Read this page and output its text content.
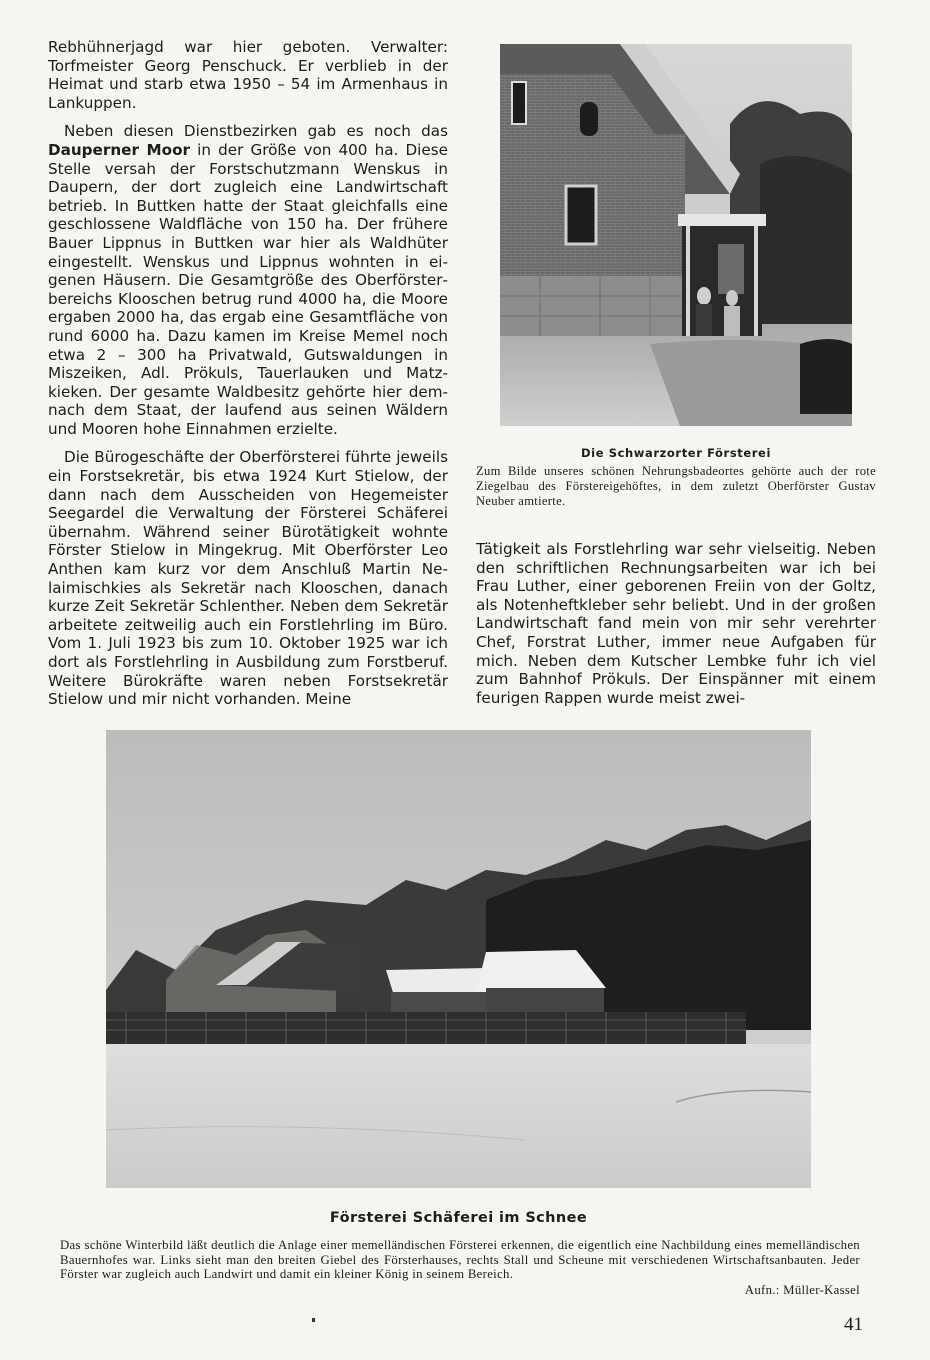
Rebhühnerjagd war hier geboten. Verwalter: Torfmeister Georg Penschuck. Er verblieb in der Heimat und starb etwa 1950 – 54 im Armenhaus in Lankuppen.

Neben diesen Dienstbezirken gab es noch das Dauperner Moor in der Größe von 400 ha. Diese Stelle versah der Forstschutzmann Wenskus in Daupern, der dort zugleich eine Landwirtschaft betrieb. In Buttken hatte der Staat gleichfalls eine geschlossene Waldfläche von 150 ha. Der frühere Bauer Lippnus in Buttken war hier als Waldhüter eingestellt. Wenskus und Lippnus wohnten in eigenen Häusern. Die Gesamtgröße des Oberförsterbereichs Klooschen betrug rund 4000 ha, die Moore ergaben 2000 ha, das ergab eine Gesamtfläche von rund 6000 ha. Dazu kamen im Kreise Memel noch etwa 2 – 300 ha Privatwald, Gutswaldungen in Miszeiken, Adl. Prökuls, Tauerlauken und Matzkieken. Der gesamte Waldbesitz gehörte hier demnach dem Staat, der laufend aus seinen Wäldern und Mooren hohe Einnahmen erzielte.

Die Bürogeschäfte der Oberförsterei führte jeweils ein Forstsekretär, bis etwa 1924 Kurt Stielow, der dann nach dem Ausscheiden von Hegemeister Seegardel die Verwaltung der Försterei Schäferei übernahm. Während seiner Bürotätigkeit wohnte Förster Stielow in Mingekrug. Mit Oberförster Leo Anthen kam kurz vor dem Anschluß Martin Nelaimischkies als Sekretär nach Klooschen, danach kurze Zeit Sekretär Schlenther. Neben dem Sekretär arbeitete zeitweilig auch ein Forstlehrling im Büro. Vom 1. Juli 1923 bis zum 10. Oktober 1925 war ich dort als Forstlehrling in Ausbildung zum Forstberuf. Weitere Bürokräfte waren neben Forstsekretär Stielow und mir nicht vorhanden. Meine

Die Schwarzorter Försterei
Zum Bilde unseres schönen Nehrungsbadeortes gehörte auch der rote Ziegelbau des Förstereigehöftes, in dem zuletzt Oberförster Gustav Neuber amtierte.

Tätigkeit als Forstlehrling war sehr vielseitig. Neben den schriftlichen Rechnungsarbeiten war ich bei Frau Luther, einer geborenen Freiin von der Goltz, als Notenheftkleber sehr beliebt. Und in der großen Landwirtschaft fand mein von mir sehr verehrter Chef, Forstrat Luther, immer neue Aufgaben für mich. Neben dem Kutscher Lembke fuhr ich viel zum Bahnhof Prökuls. Der Einspänner mit einem feurigen Rappen wurde meist zwei-

Försterei Schäferei im Schnee
Das schöne Winterbild läßt deutlich die Anlage einer memelländischen Försterei erkennen, die eigentlich eine Nachbildung eines memelländischen Bauernhofes war. Links sieht man den breiten Giebel des Försterhauses, rechts Stall und Scheune mit verschiedenen Wirtschaftsanbauten. Jeder Förster war zugleich auch Landwirt und damit ein kleiner König in seinem Bereich.
Aufn.: Müller-Kassel
41
